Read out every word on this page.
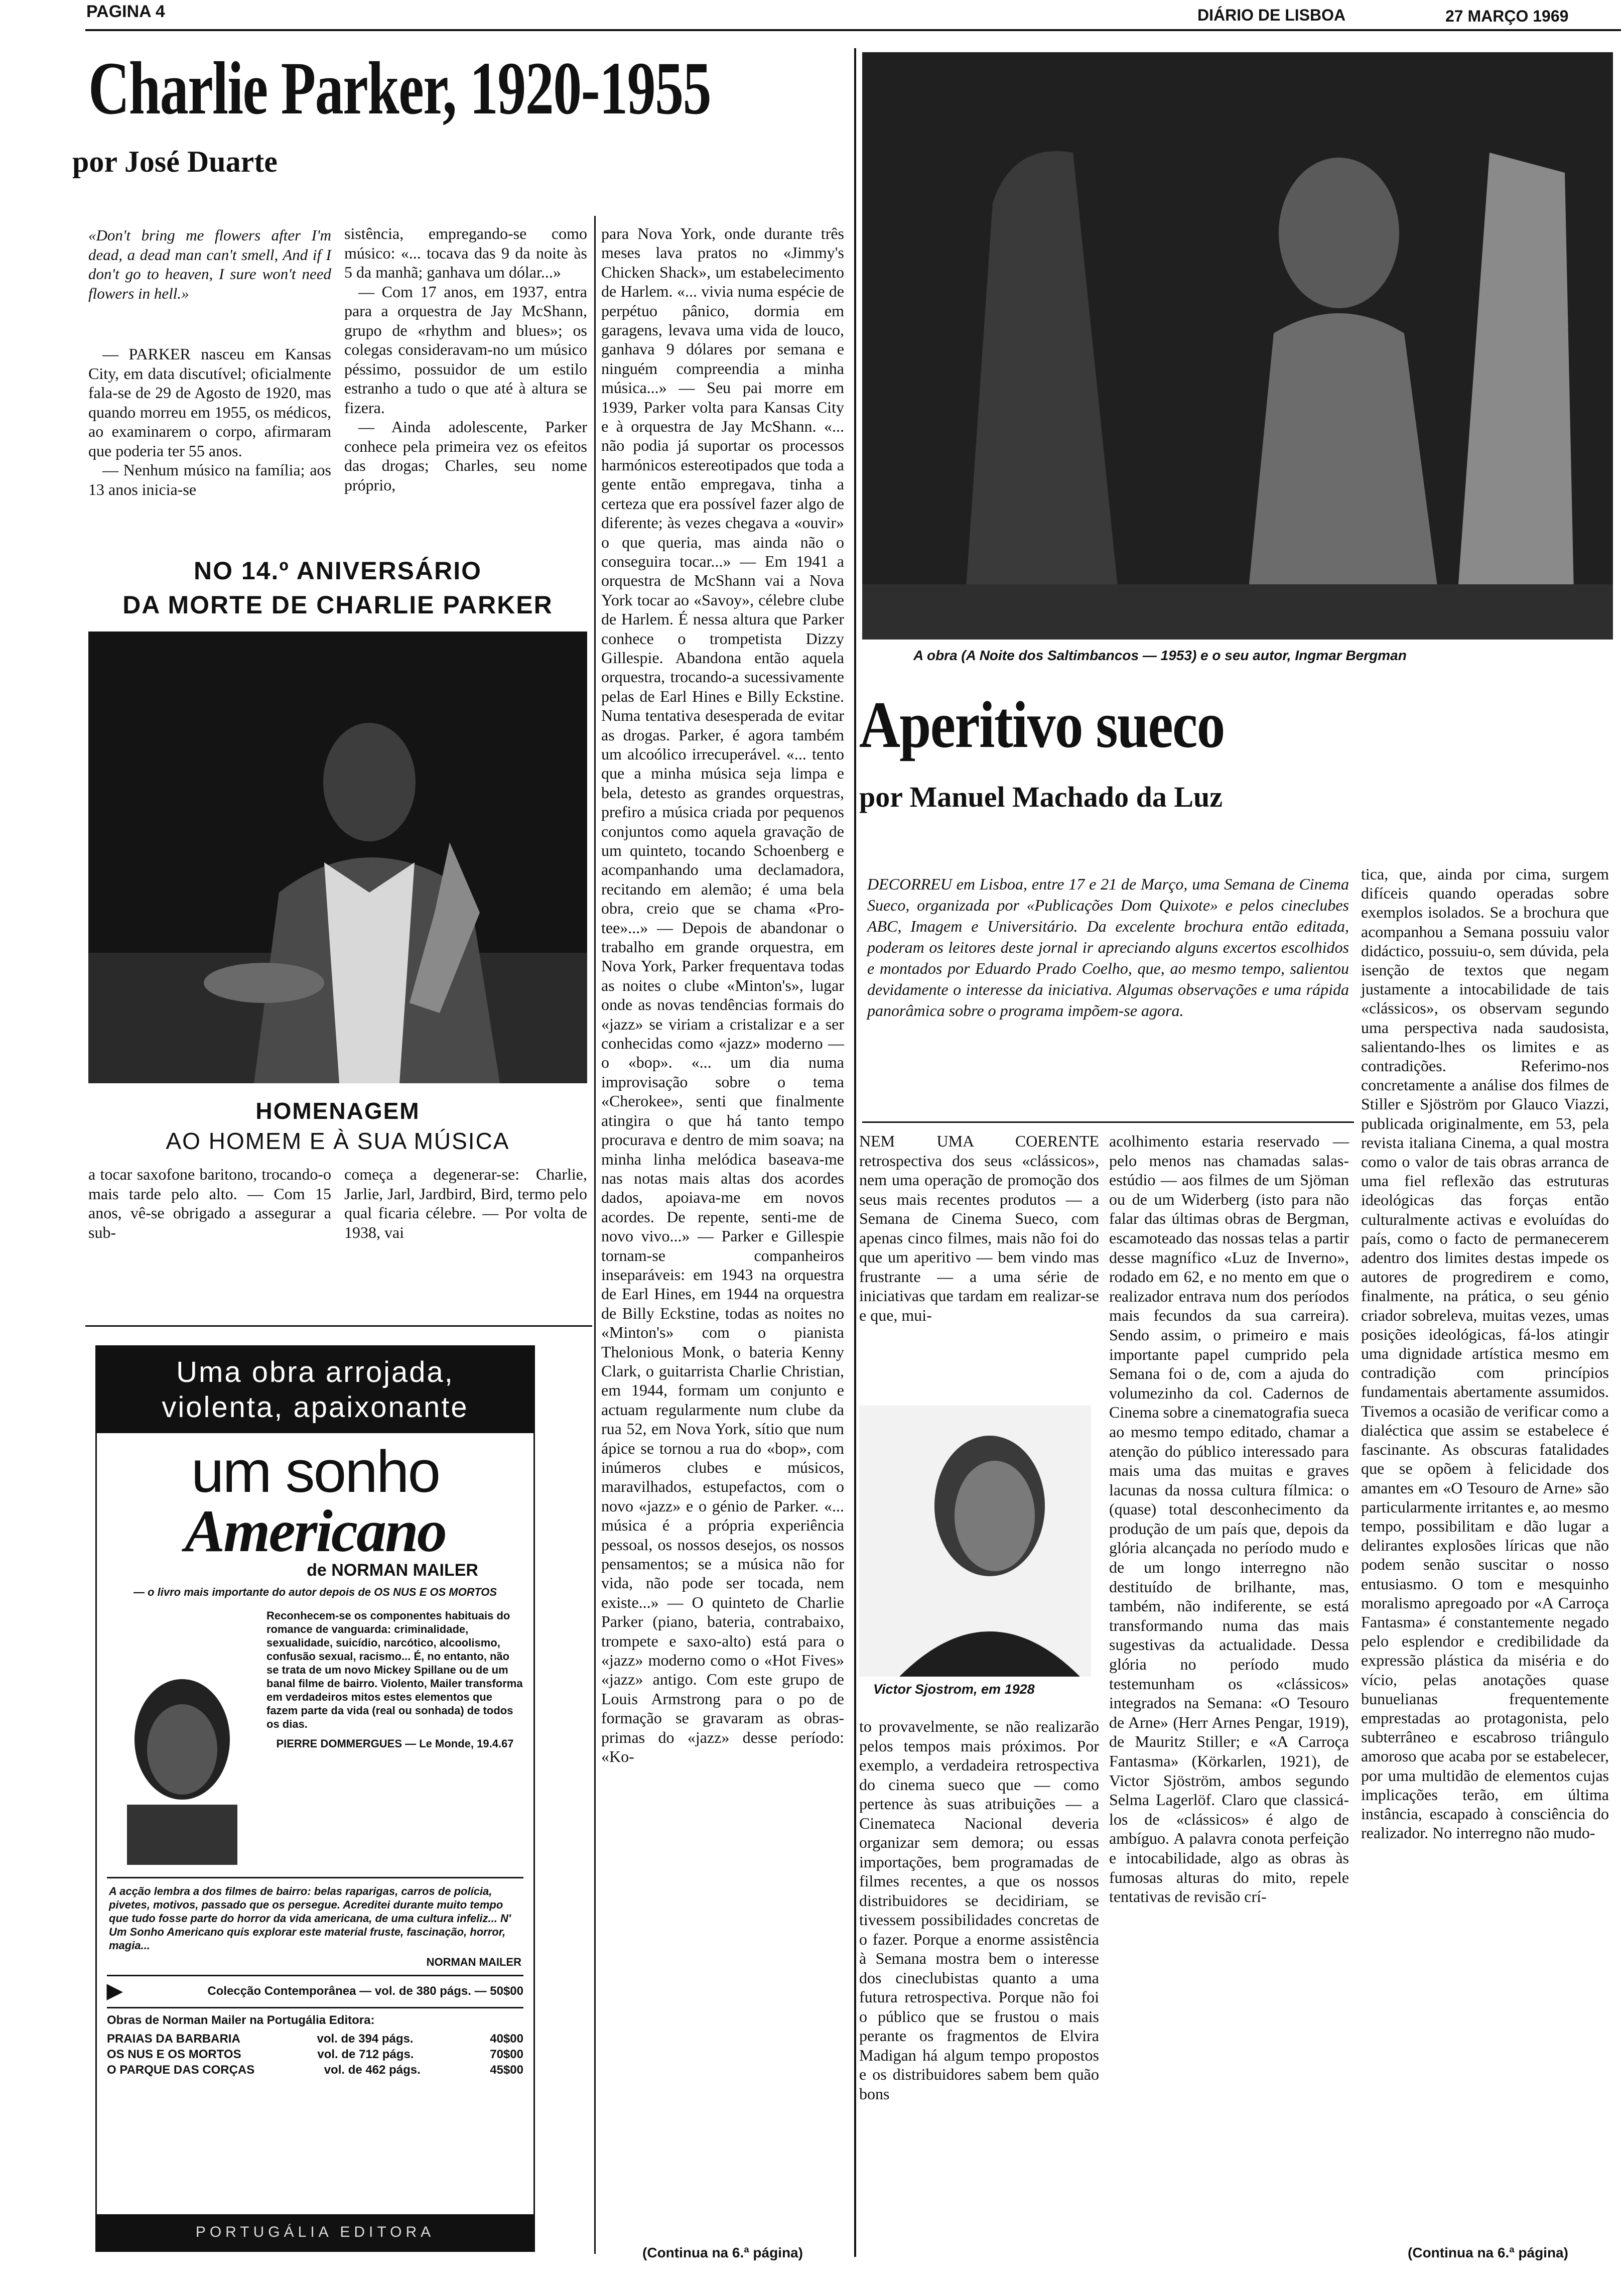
PAGINA 4	DIÁRIO DE LISBOA	27 MARÇO 1969
Charlie Parker, 1920-1955
por José Duarte
«Don't bring me flowers after I'm dead, a dead man can't smell, And if I don't go to heaven, I sure won't need flowers in hell.»

— PARKER nasceu em Kansas City, em data discutível; oficialmente fala-se de 29 de Agosto de 1920, mas quando morreu em 1955, os médicos, ao examinarem o corpo, afirmaram que poderia ter 55 anos.

— Nenhum músico na família; aos 13 anos inicia-se

sistência, empregando-se como músico: «... tocava das 9 da noite às 5 da manhã; ganhava um dólar...»

— Com 17 anos, em 1937, entra para a orquestra de Jay McShann, grupo de «rhythm and blues»; os colegas consideravam-no um músico péssimo, possuidor de um estilo estranho a tudo o que até à altura se fizera.

— Ainda adolescente, Parker conhece pela primeira vez os efeitos das drogas; Charles, seu nome próprio,

NO 14.º ANIVERSÁRIO
DA MORTE DE CHARLIE PARKER
HOMENAGEM
AO HOMEM E À SUA MÚSICA
a tocar saxofone baritono, trocando-o mais tarde pelo alto. — Com 15 anos, vê-se obrigado a assegurar a sub-
começa a degenerar-se: Charlie, Jarlie, Jarl, Jardbird, Bird, termo pelo qual ficaria célebre. — Por volta de 1938, vai
para Nova York, onde durante três meses lava pratos no «Jimmy's Chicken Shack», um estabelecimento de Harlem. «... vivia numa espécie de perpétuo pânico, dormia em garagens, levava uma vida de louco, ganhava 9 dólares por semana e ninguém compreendia a minha música...» — Seu pai morre em 1939, Parker volta para Kansas City e à orquestra de Jay McShann. «... não podia já suportar os processos harmónicos estereotipados que toda a gente então empregava, tinha a certeza que era possível fazer algo de diferente; às vezes chegava a «ouvir» o que queria, mas ainda não o conseguira tocar...» — Em 1941 a orquestra de McShann vai a Nova York tocar ao «Savoy», célebre clube de Harlem. É nessa altura que Parker conhece o trompetista Dizzy Gillespie. Abandona então aquela orquestra, trocando-a sucessivamente pelas de Earl Hines e Billy Eckstine. Numa tentativa desesperada de evitar as drogas. Parker, é agora também um alcoólico irrecuperável. «... tento que a minha música seja limpa e bela, detesto as grandes orquestras, prefiro a música criada por pequenos conjuntos como aquela gravação de um quinteto, tocando Schoenberg e acompanhando uma declamadora, recitando em alemão; é uma bela obra, creio que se chama «Pro-tee»...» — Depois de abandonar o trabalho em grande orquestra, em Nova York, Parker frequentava todas as noites o clube «Minton's», lugar onde as novas tendências formais do «jazz» se viriam a cristalizar e a ser conhecidas como «jazz» moderno — o «bop». «... um dia numa improvisação sobre o tema «Cherokee», senti que finalmente atingira o que há tanto tempo procurava e dentro de mim soava; na minha linha melódica baseava-me nas notas mais altas dos acordes dados, apoiava-me em novos acordes. De repente, senti-me de novo vivo...» — Parker e Gillespie tornam-se companheiros inseparáveis: em 1943 na orquestra de Earl Hines, em 1944 na orquestra de Billy Eckstine, todas as noites no «Minton's» com o pianista Thelonious Monk, o bateria Kenny Clark, o guitarrista Charlie Christian, em 1944, formam um conjunto e actuam regularmente num clube da rua 52, em Nova York, sítio que num ápice se tornou a rua do «bop», com inúmeros clubes e músicos, maravilhados, estupefactos, com o novo «jazz» e o génio de Parker. «... música é a própria experiência pessoal, os nossos desejos, os nossos pensamentos; se a música não for vida, não pode ser tocada, nem existe...» — O quinteto de Charlie Parker (piano, bateria, contrabaixo, trompete e saxo-alto) está para o «jazz» moderno como o «Hot Fives» «jazz» antigo. Com este grupo de Louis Armstrong para o po de formação se gravaram as obras-primas do «jazz» desse período: «Ko-
(Continua na 6.ª página)
Uma obra arrojada,
violenta, apaixonante
um sonho
Americano
de NORMAN MAILER
— o livro mais importante do autor depois de OS NUS E OS MORTOS
Reconhecem-se os componentes habituais do romance de vanguarda: criminalidade, sexualidade, suicídio, narcótico, alcoolismo, confusão sexual, racismo... É, no entanto, não se trata de um novo Mickey Spillane ou de um banal filme de bairro. Violento, Mailer transforma em verdadeiros mitos estes elementos que fazem parte da vida (real ou sonhada) de todos os dias.
PIERRE DOMMERGUES — Le Monde, 19.4.67
A acção lembra a dos filmes de bairro: belas raparigas, carros de polícia, pivetes, motivos, passado que os persegue. Acreditei durante muito tempo que tudo fosse parte do horror da vida americana, de uma cultura infeliz... N' Um Sonho Americano quis explorar este material fruste, fascinação, horror, magia...
NORMAN MAILER
▶	Colecção Contemporânea — vol. de 380 págs. — 50$00
Obras de Norman Mailer na Portugália Editora:
PRAIAS DA BARBARIA	vol. de 394 págs.	40$00
OS NUS E OS MORTOS	vol. de 712 págs.	70$00
O PARQUE DAS CORÇAS	vol. de 462 págs.	45$00
PORTUGÁLIA EDITORA
A obra (A Noite dos Saltimbancos — 1953) e o seu autor, Ingmar Bergman
Aperitivo sueco
por Manuel Machado da Luz
DECORREU em Lisboa, entre 17 e 21 de Março, uma Semana de Cinema Sueco, organizada por «Publicações Dom Quixote» e pelos cineclubes ABC, Imagem e Universitário. Da excelente brochura então editada, poderam os leitores deste jornal ir apreciando alguns excertos escolhidos e montados por Eduardo Prado Coelho, que, ao mesmo tempo, salientou devidamente o interesse da iniciativa. Algumas observações e uma rápida panorâmica sobre o programa impõem-se agora.
NEM UMA COERENTE retrospectiva dos seus «clássicos», nem uma operação de promoção dos seus mais recentes produtos — a Semana de Cinema Sueco, com apenas cinco filmes, mais não foi do que um aperitivo — bem vindo mas frustrante — a uma série de iniciativas que tardam em realizar-se e que, mui-
Victor Sjostrom, em 1928
to provavelmente, se não realizarão pelos tempos mais próximos. Por exemplo, a verdadeira retrospectiva do cinema sueco que — como pertence às suas atribuições — a Cinemateca Nacional deveria organizar sem demora; ou essas importações, bem programadas de filmes recentes, a que os nossos distribuidores se decidiriam, se tivessem possibilidades concretas de o fazer. Porque a enorme assistência à Semana mostra bem o interesse dos cineclubistas quanto a uma futura retrospectiva. Porque não foi o público que se frustou o mais perante os fragmentos de Elvira Madigan há algum tempo propostos e os distribuidores sabem bem quão bons
acolhimento estaria reservado — pelo menos nas chamadas salas-estúdio — aos filmes de um Sjöman ou de um Widerberg (isto para não falar das últimas obras de Bergman, escamoteado das nossas telas a partir desse magnífico «Luz de Inverno», rodado em 62, e no mento em que o realizador entrava num dos períodos mais fecundos da sua carreira). Sendo assim, o primeiro e mais importante papel cumprido pela Semana foi o de, com a ajuda do volumezinho da col. Cadernos de Cinema sobre a cinematografia sueca ao mesmo tempo editado, chamar a atenção do público interessado para mais uma das muitas e graves lacunas da nossa cultura fílmica: o (quase) total desconhecimento da produção de um país que, depois da glória alcançada no período mudo e de um longo interregno não destituído de brilhante, mas, também, não indiferente, se está transformando numa das mais sugestivas da actualidade. Dessa glória no período mudo testemunham os «clássicos» integrados na Semana: «O Tesouro de Arne» (Herr Arnes Pengar, 1919), de Mauritz Stiller; e «A Carroça Fantasma» (Körkarlen, 1921), de Victor Sjöström, ambos segundo Selma Lagerlöf. Claro que classicá-los de «clássicos» é algo de ambíguo. A palavra conota perfeição e intocabilidade, algo as obras às fumosas alturas do mito, repele tentativas de revisão crí-
tica, que, ainda por cima, surgem difíceis quando operadas sobre exemplos isolados. Se a brochura que acompanhou a Semana possuiu valor didáctico, possuiu-o, sem dúvida, pela isenção de textos que negam justamente a intocabilidade de tais «clássicos», os observam segundo uma perspectiva nada saudosista, salientando-lhes os limites e as contradições. Referimo-nos concretamente a análise dos filmes de Stiller e Sjöström por Glauco Viazzi, publicada originalmente, em 53, pela revista italiana Cinema, a qual mostra como o valor de tais obras arranca de uma fiel reflexão das estruturas ideológicas das forças então culturalmente activas e evoluídas do país, como o facto de permanecerem adentro dos limites destas impede os autores de progredirem e como, finalmente, na prática, o seu génio criador sobreleva, muitas vezes, umas posições ideológicas, fá-los atingir uma dignidade artística mesmo em contradição com princípios fundamentais abertamente assumidos. Tivemos a ocasião de verificar como a dialéctica que assim se estabelece é fascinante. As obscuras fatalidades que se opõem à felicidade dos amantes em «O Tesouro de Arne» são particularmente irritantes e, ao mesmo tempo, possibilitam e dão lugar a delirantes explosões líricas que não podem senão suscitar o nosso entusiasmo. O tom e mesquinho moralismo apregoado por «A Carroça Fantasma» é constantemente negado pelo esplendor e credibilidade da expressão plástica da miséria e do vício, pelas anotações quase bunuelianas frequentemente emprestadas ao protagonista, pelo subterrâneo e escabroso triângulo amoroso que acaba por se estabelecer, por uma multidão de elementos cujas implicações terão, em última instância, escapado à consciência do realizador. No interregno não mudo-
(Continua na 6.ª página)
